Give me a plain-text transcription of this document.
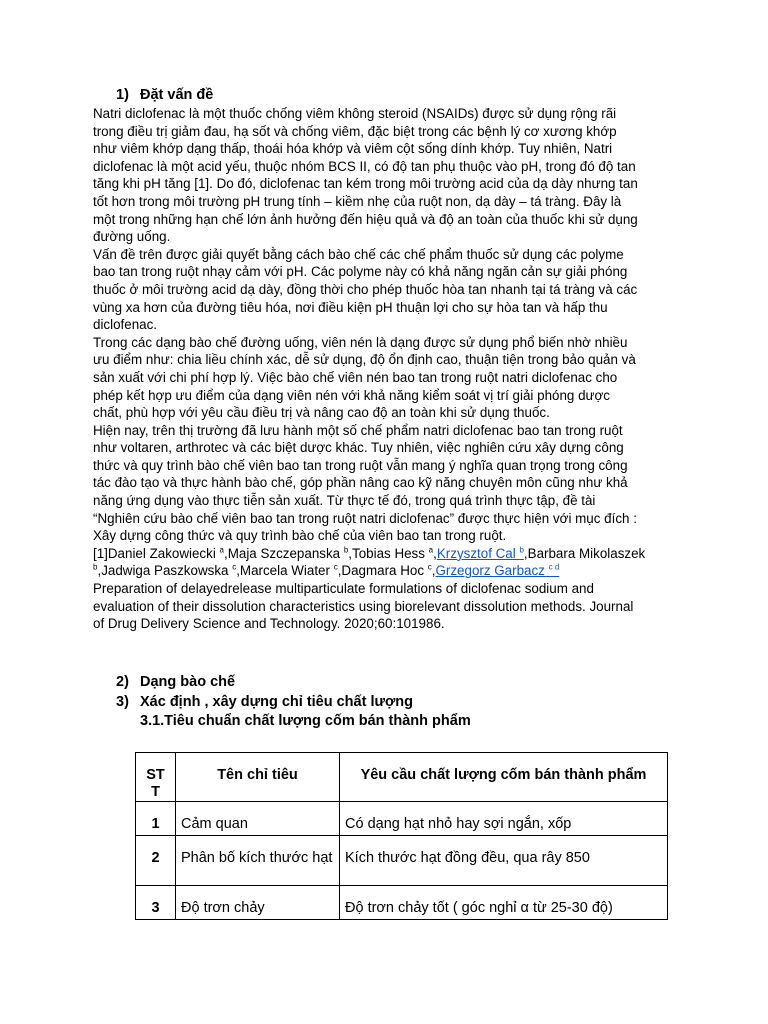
1) Đặt vấn đề

Natri diclofenac là một thuốc chống viêm không steroid (NSAIDs) được sử dụng rộng rãi
trong điều trị giảm đau, hạ sốt và chống viêm, đặc biệt trong các bệnh lý cơ xương khớp
như viêm khớp dạng thấp, thoái hóa khớp và viêm cột sống dính khớp. Tuy nhiên, Natri
diclofenac là một acid yếu, thuộc nhóm BCS II, có độ tan phụ thuộc vào pH, trong đó độ tan
tăng khi pH tăng [1]. Do đó, diclofenac tan kém trong môi trường acid của dạ dày nhưng tan
tốt hơn trong môi trường pH trung tính – kiềm nhẹ của ruột non, dạ dày – tá tràng. Đây là
một trong những hạn chế lớn ảnh hưởng đến hiệu quả và độ an toàn của thuốc khi sử dụng
đường uống.

Vấn đề trên được giải quyết bằng cách bào chế các chế phẩm thuốc sử dụng các polyme
bao tan trong ruột nhạy cảm với pH. Các polyme này có khả năng ngăn cản sự giải phóng
thuốc ở môi trường acid dạ dày, đồng thời cho phép thuốc hòa tan nhanh tại tá tràng và các
vùng xa hơn của đường tiêu hóa, nơi điều kiện pH thuận lợi cho sự hòa tan và hấp thu
diclofenac.

Trong các dạng bào chế đường uống, viên nén là dạng được sử dụng phổ biến nhờ nhiều
ưu điểm như: chia liều chính xác, dễ sử dụng, độ ổn định cao, thuận tiện trong bảo quản và
sản xuất với chi phí hợp lý. Việc bào chế viên nén bao tan trong ruột natri diclofenac cho
phép kết hợp ưu điểm của dạng viên nén với khả năng kiểm soát vị trí giải phóng dược
chất, phù hợp với yêu cầu điều trị và nâng cao độ an toàn khi sử dụng thuốc.

Hiện nay, trên thị trường đã lưu hành một số chế phẩm natri diclofenac bao tan trong ruột
như voltaren, arthrotec và các biệt dược khác. Tuy nhiên, việc nghiên cứu xây dựng công
thức và quy trình bào chế viên bao tan trong ruột vẫn mang ý nghĩa quan trọng trong công
tác đào tạo và thực hành bào chế, góp phần nâng cao kỹ năng chuyên môn cũng như khả
năng ứng dụng vào thực tiễn sản xuất. Từ thực tế đó, trong quá trình thực tập, đề tài
“Nghiên cứu bào chế viên bao tan trong ruột natri diclofenac” được thực hiện với mục đích :
Xây dựng công thức và quy trình bào chế của viên bao tan trong ruột.

[1]Daniel Zakowiecki $^a$,Maja Szczepanska $^b$,Tobias Hess $^a$,Krzysztof Cal $^b$,Barbara Mikolaszek
$^b$,Jadwiga Paszkowska $^c$,Marcela Wiater $^c$,Dagmara Hoc $^c$,Grzegorz Garbacz $^{c d}$
Preparation of delayedrelease multiparticulate formulations of diclofenac sodium and
evaluation of their dissolution characteristics using biorelevant dissolution methods. Journal
of Drug Delivery Science and Technology. 2020;60:101986.

2) Dạng bào chế
3) Xác định , xây dựng chỉ tiêu chất lượng
3.1.Tiêu chuẩn chất lượng cốm bán thành phẩm
ST
T	Tên chỉ tiêu	Yêu cầu chất lượng cốm bán thành phẩm
1	Cảm quan	Có dạng hạt nhỏ hay sợi ngắn, xốp
2	Phân bố kích thước hạt	Kích thước hạt đồng đều, qua rây 850
3	Độ trơn chảy	Độ trơn chảy tốt ( góc nghỉ α từ 25-30 độ)
